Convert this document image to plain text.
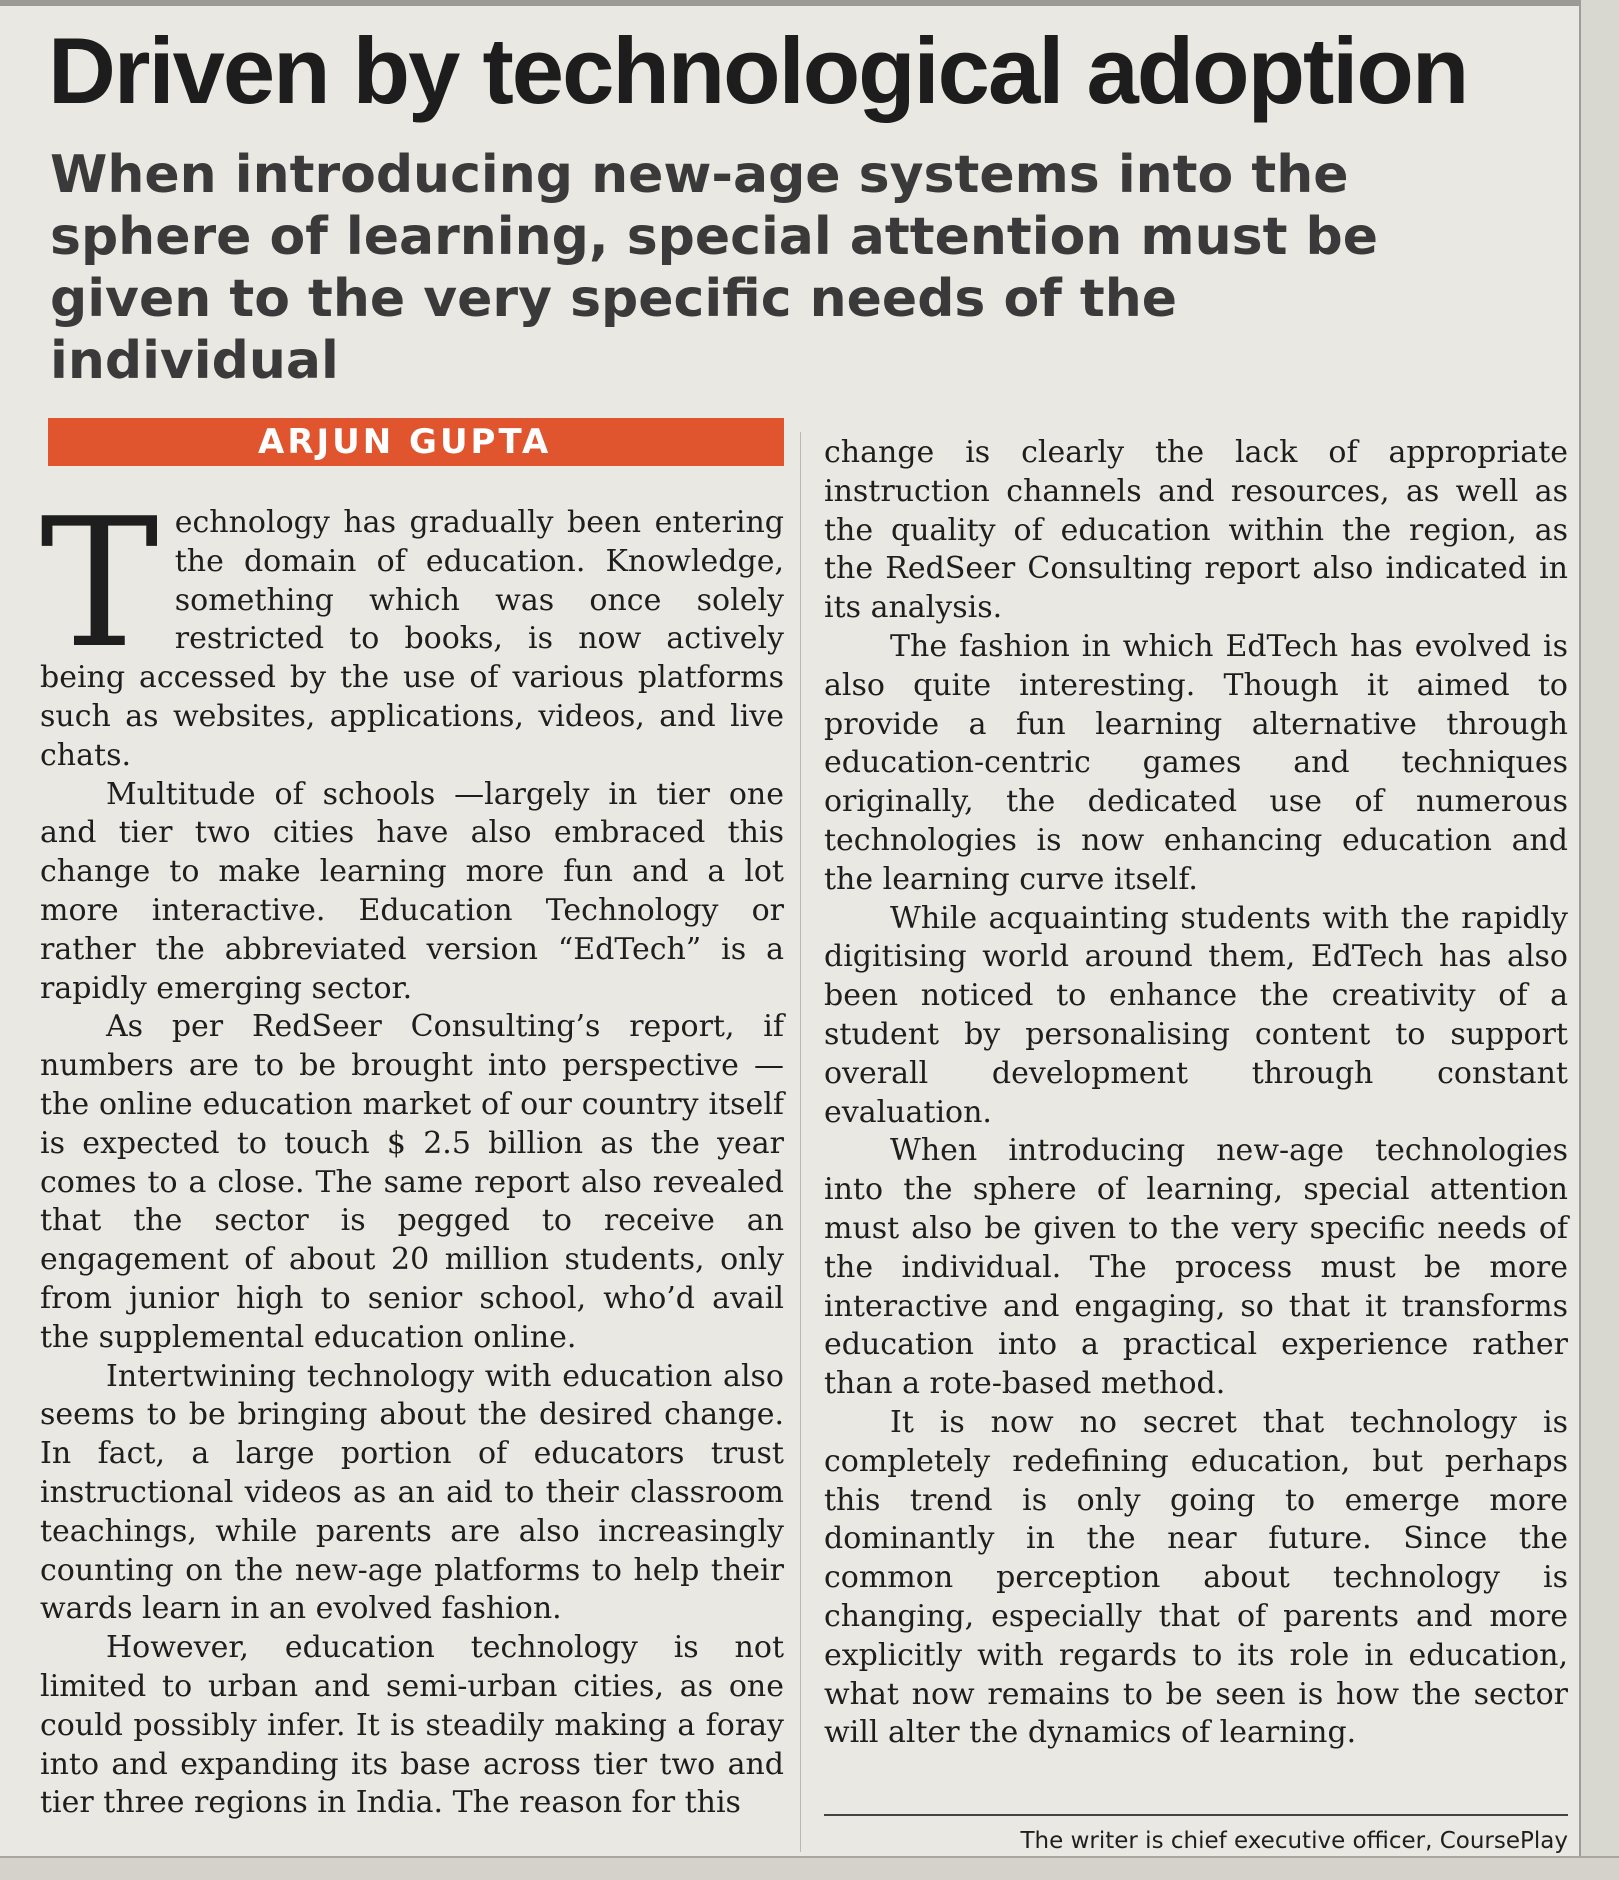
Driven by technological adoption
When introducing new-age systems into the sphere of learning, special attention must be given to the very specific needs of the individual
ARJUN GUPTA

Technology has gradually been entering the domain of education. Knowledge, something which was once solely restricted to books, is now actively being accessed by the use of various platforms such as websites, applications, videos, and live chats.

Multitude of schools —largely in tier one and tier two cities have also embraced this change to make learning more fun and a lot more interactive. Education Technology or rather the abbreviated version “EdTech” is a rapidly emerging sector.

As per RedSeer Consulting’s report, if numbers are to be brought into perspective — the online education market of our country itself is expected to touch $ 2.5 billion as the year comes to a close. The same report also revealed that the sector is pegged to receive an engagement of about 20 million students, only from junior high to senior school, who’d avail the supplemental education online.

Intertwining technology with education also seems to be bringing about the desired change. In fact, a large portion of educators trust instructional videos as an aid to their classroom teachings, while parents are also increasingly counting on the new-age platforms to help their wards learn in an evolved fashion.

However, education technology is not limited to urban and semi-urban cities, as one could possibly infer. It is steadily making a foray into and expanding its base across tier two and tier three regions in India. The reason for this

change is clearly the lack of appropriate instruction channels and resources, as well as the quality of education within the region, as the RedSeer Consulting report also indicated in its analysis.

The fashion in which EdTech has evolved is also quite interesting. Though it aimed to provide a fun learning alternative through education-centric games and techniques originally, the dedicated use of numerous technologies is now enhancing education and the learning curve itself.

While acquainting students with the rapidly digitising world around them, EdTech has also been noticed to enhance the creativity of a student by personalising content to support overall development through constant evaluation.

When introducing new-age technologies into the sphere of learning, special attention must also be given to the very specific needs of the individual. The process must be more interactive and engaging, so that it transforms education into a practical experience rather than a rote-based method.

It is now no secret that technology is completely redefining education, but perhaps this trend is only going to emerge more dominantly in the near future. Since the common perception about technology is changing, especially that of parents and more explicitly with regards to its role in education, what now remains to be seen is how the sector will alter the dynamics of learning.

The writer is chief executive officer, CoursePlay
